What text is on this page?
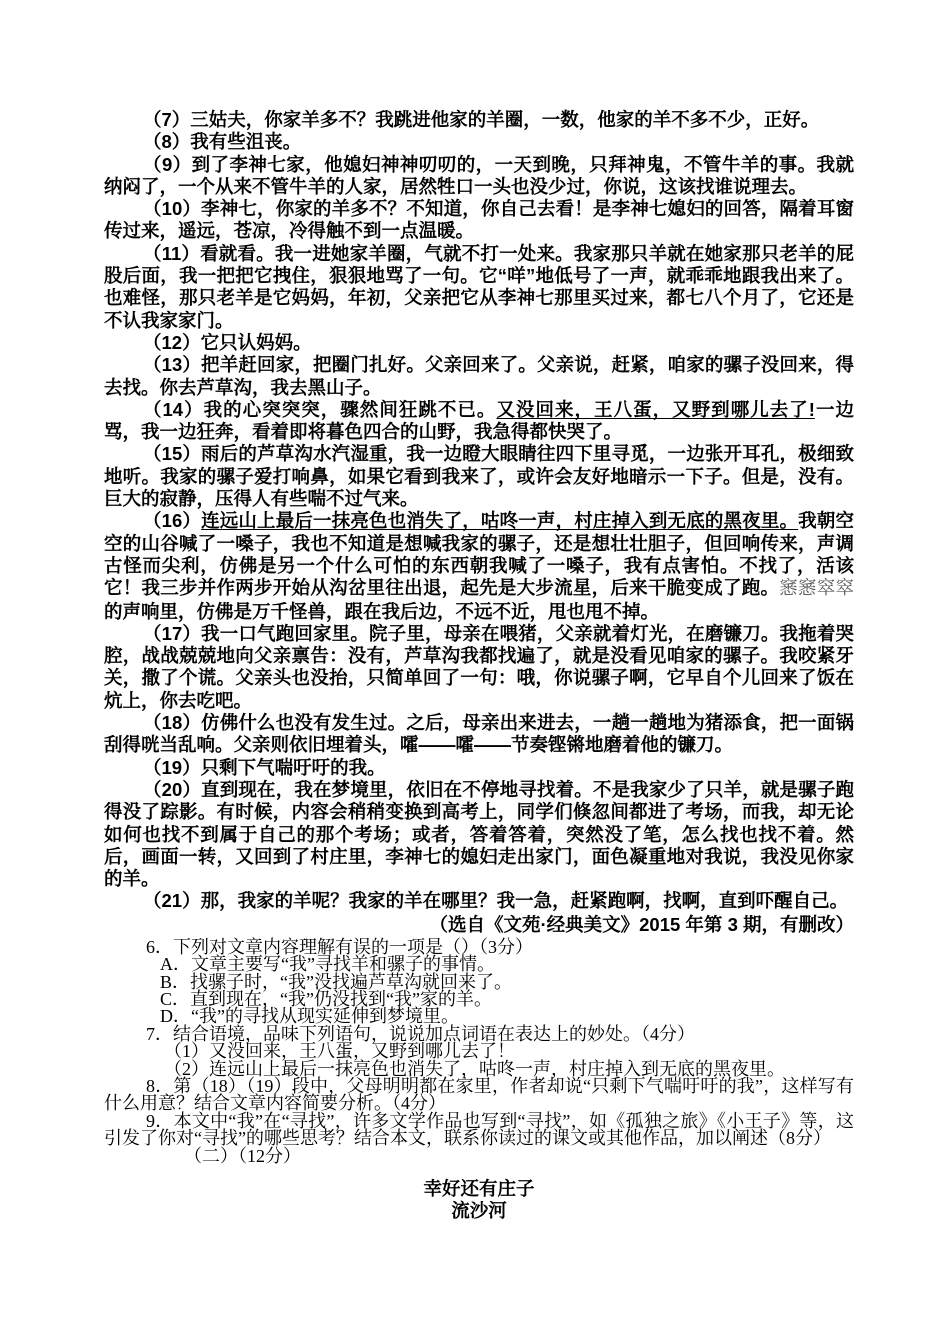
（7）三姑夫，你家羊多不？我跳进他家的羊圈，一数，他家的羊不多不少，正好。

（8）我有些沮丧。

（9）到了李神七家，他媳妇神神叨叨的，一天到晚，只拜神鬼，不管牛羊的事。我就纳闷了，一个从来不管牛羊的人家，居然牲口一头也没少过，你说，这该找谁说理去。

（10）李神七，你家的羊多不？不知道，你自己去看！是李神七媳妇的回答，隔着耳窗传过来，遥远，苍凉，冷得触不到一点温暖。

（11）看就看。我一进她家羊圈，气就不打一处来。我家那只羊就在她家那只老羊的屁股后面，我一把把它拽住，狠狠地骂了一句。它“咩”地低号了一声，就乖乖地跟我出来了。也难怪，那只老羊是它妈妈，年初，父亲把它从李神七那里买过来，都七八个月了，它还是不认我家家门。

（12）它只认妈妈。

（13）把羊赶回家，把圈门扎好。父亲回来了。父亲说，赶紧，咱家的骡子没回来，得去找。你去芦草沟，我去黑山子。

（14）我的心突突突，骤然间狂跳不已。又没回来，王八蛋，又野到哪儿去了!一边骂，我一边狂奔，看着即将暮色四合的山野，我急得都快哭了。

（15）雨后的芦草沟水汽湿重，我一边瞪大眼睛往四下里寻觅，一边张开耳孔，极细致地听。我家的骡子爱打响鼻，如果它看到我来了，或许会友好地暗示一下子。但是，没有。巨大的寂静，压得人有些喘不过气来。

（16）连远山上最后一抹亮色也消失了，咕咚一声，村庄掉入到无底的黑夜里。我朝空空的山谷喊了一嗓子，我也不知道是想喊我家的骡子，还是想壮壮胆子，但回响传来，声调古怪而尖利，仿佛是另一个什么可怕的东西朝我喊了一嗓子，我有点害怕。不找了，活该它！我三步并作两步开始从沟岔里往出退，起先是大步流星，后来干脆变成了跑。窸窸窣窣的声响里，仿佛是万千怪兽，跟在我后边，不远不近，甩也甩不掉。

（17）我一口气跑回家里。院子里，母亲在喂猪，父亲就着灯光，在磨镰刀。我拖着哭腔，战战兢兢地向父亲禀告：没有，芦草沟我都找遍了，就是没看见咱家的骡子。我咬紧牙关，撒了个谎。父亲头也没抬，只简单回了一句：哦，你说骡子啊，它早自个儿回来了饭在炕上，你去吃吧。

（18）仿佛什么也没有发生过。之后，母亲出来进去，一趟一趟地为猪添食，把一面锅刮得咣当乱响。父亲则依旧埋着头，嚯——嚯——节奏铿锵地磨着他的镰刀。

（19）只剩下气喘吁吁的我。

（20）直到现在，我在梦境里，依旧在不停地寻找着。不是我家少了只羊，就是骡子跑得没了踪影。有时候，内容会稍稍变换到高考上，同学们倏忽间都进了考场，而我，却无论如何也找不到属于自己的那个考场；或者，答着答着，突然没了笔，怎么找也找不着。然后，画面一转，又回到了村庄里，李神七的媳妇走出家门，面色凝重地对我说，我没见你家的羊。

（21）那，我家的羊呢？我家的羊在哪里？我一急，赶紧跑啊，找啊，直到吓醒自己。

（选自《文苑·经典美文》2015 年第 3 期，有删改）

6．下列对文章内容理解有误的一项是（）（3分）

A．文章主要写“我”寻找羊和骡子的事情。

B．找骡子时，“我”没找遍芦草沟就回来了。

C．直到现在，“我”仍没找到“我”家的羊。

D．“我”的寻找从现实延伸到梦境里。

7．结合语境，品味下列语句，说说加点词语在表达上的妙处。（4分）

（1）又没回来，王八蛋，又野到哪儿去了！

（2）连远山上最后一抹亮色也消失了，咕咚一声，村庄掉入到无底的黑夜里。

8．第（18）（19）段中，父母明明都在家里，作者却说“只剩下气喘吁吁的我”，这样写有什么用意？结合文章内容简要分析。（4分）

9．本文中“我”在“寻找”，许多文学作品也写到“寻找”，如《孤独之旅》《小王子》等，这引发了你对“寻找”的哪些思考？结合本文，联系你读过的课文或其他作品，加以阐述（8分）

（二）（12分）

幸好还有庄子

流沙河
